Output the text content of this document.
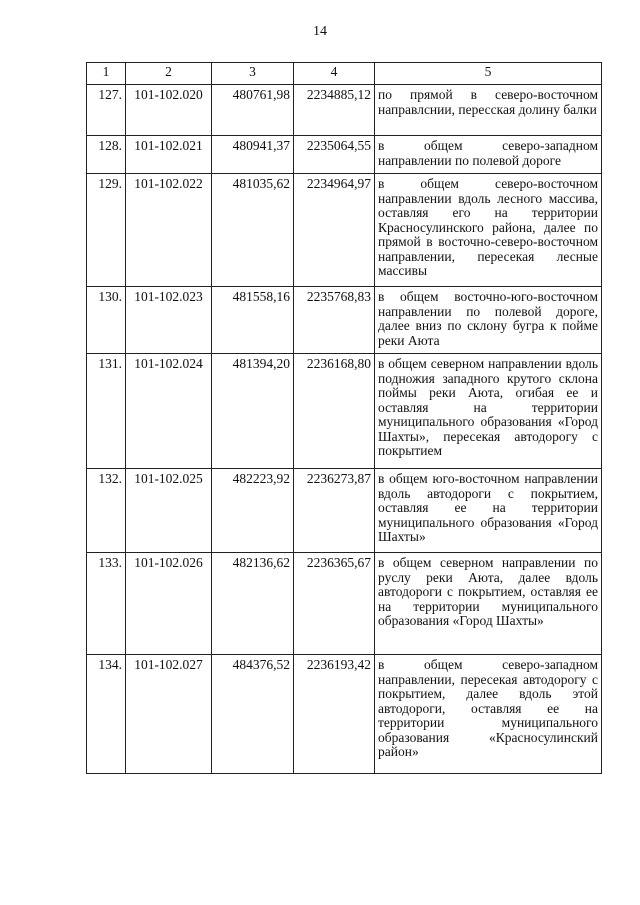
14
1	2	3	4	5
127.	101-102.020	480761,98	2234885,12	по прямой в северо-восточном направлснии, пересская долину балки
128.	101-102.021	480941,37	2235064,55	в общем северо-западном направлении по полевой дороге
129.	101-102.022	481035,62	2234964,97	в общем северо-восточном направлении вдоль лесного массива, оставляя его на территории Красносулинского района, далее по прямой в восточно-северо-восточном направлении, пересекая лесные массивы
130.	101-102.023	481558,16	2235768,83	в общем восточно-юго-восточном направлении по полевой дороге, далее вниз по склону бугра к пойме реки Аюта
131.	101-102.024	481394,20	2236168,80	в общем северном направлении вдоль подножия западного крутого склона поймы реки Аюта, огибая ее и оставляя на территории муниципального образования «Город Шахты», пересекая автодорогу с покрытием
132.	101-102.025	482223,92	2236273,87	в общем юго-восточном направлении вдоль автодороги с покрытием, оставляя ее на территории муниципального образования «Город Шахты»
133.	101-102.026	482136,62	2236365,67	в общем северном направлении по руслу реки Аюта, далее вдоль автодороги с покрытием, оставляя ее на территории муниципального образования «Город Шахты»
134.	101-102.027	484376,52	2236193,42	в общем северо-западном направлении, пересекая автодорогу с покрытием, далее вдоль этой автодороги, оставляя ее на территории муниципального образования «Красносулинский район»
